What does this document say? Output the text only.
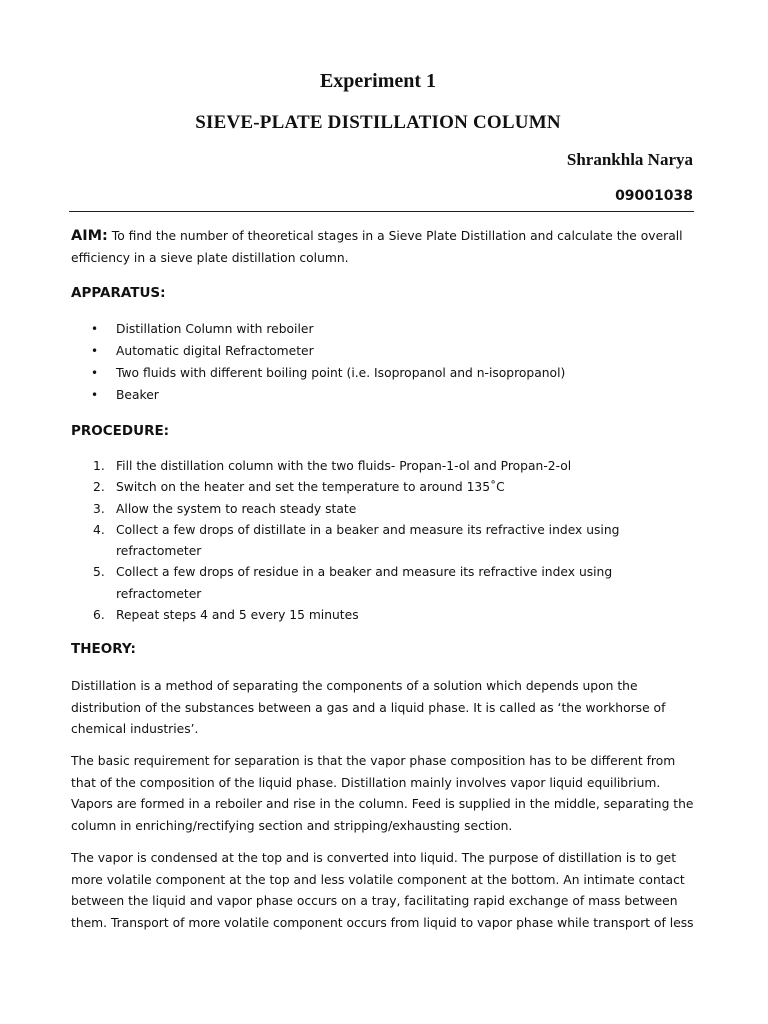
Experiment 1
SIEVE-PLATE DISTILLATION COLUMN
Shrankhla Narya
09001038

AIM: To find the number of theoretical stages in a Sieve Plate Distillation and calculate the overall efficiency in a sieve plate distillation column.

APPARATUS:
• Distillation Column with reboiler
• Automatic digital Refractometer
• Two fluids with different boiling point (i.e. Isopropanol and n-isopropanol)
• Beaker
PROCEDURE:
1. Fill the distillation column with the two fluids- Propan-1-ol and Propan-2-ol
2. Switch on the heater and set the temperature to around 135˚C
3. Allow the system to reach steady state
4. Collect a few drops of distillate in a beaker and measure its refractive index using refractometer
5. Collect a few drops of residue in a beaker and measure its refractive index using refractometer
6. Repeat steps 4 and 5 every 15 minutes
THEORY:

Distillation is a method of separating the components of a solution which depends upon the distribution of the substances between a gas and a liquid phase. It is called as ‘the workhorse of chemical industries’.

The basic requirement for separation is that the vapor phase composition has to be different from that of the composition of the liquid phase. Distillation mainly involves vapor liquid equilibrium. Vapors are formed in a reboiler and rise in the column. Feed is supplied in the middle, separating the column in enriching/rectifying section and stripping/exhausting section.

The vapor is condensed at the top and is converted into liquid. The purpose of distillation is to get more volatile component at the top and less volatile component at the bottom. An intimate contact between the liquid and vapor phase occurs on a tray, facilitating rapid exchange of mass between them. Transport of more volatile component occurs from liquid to vapor phase while transport of less
